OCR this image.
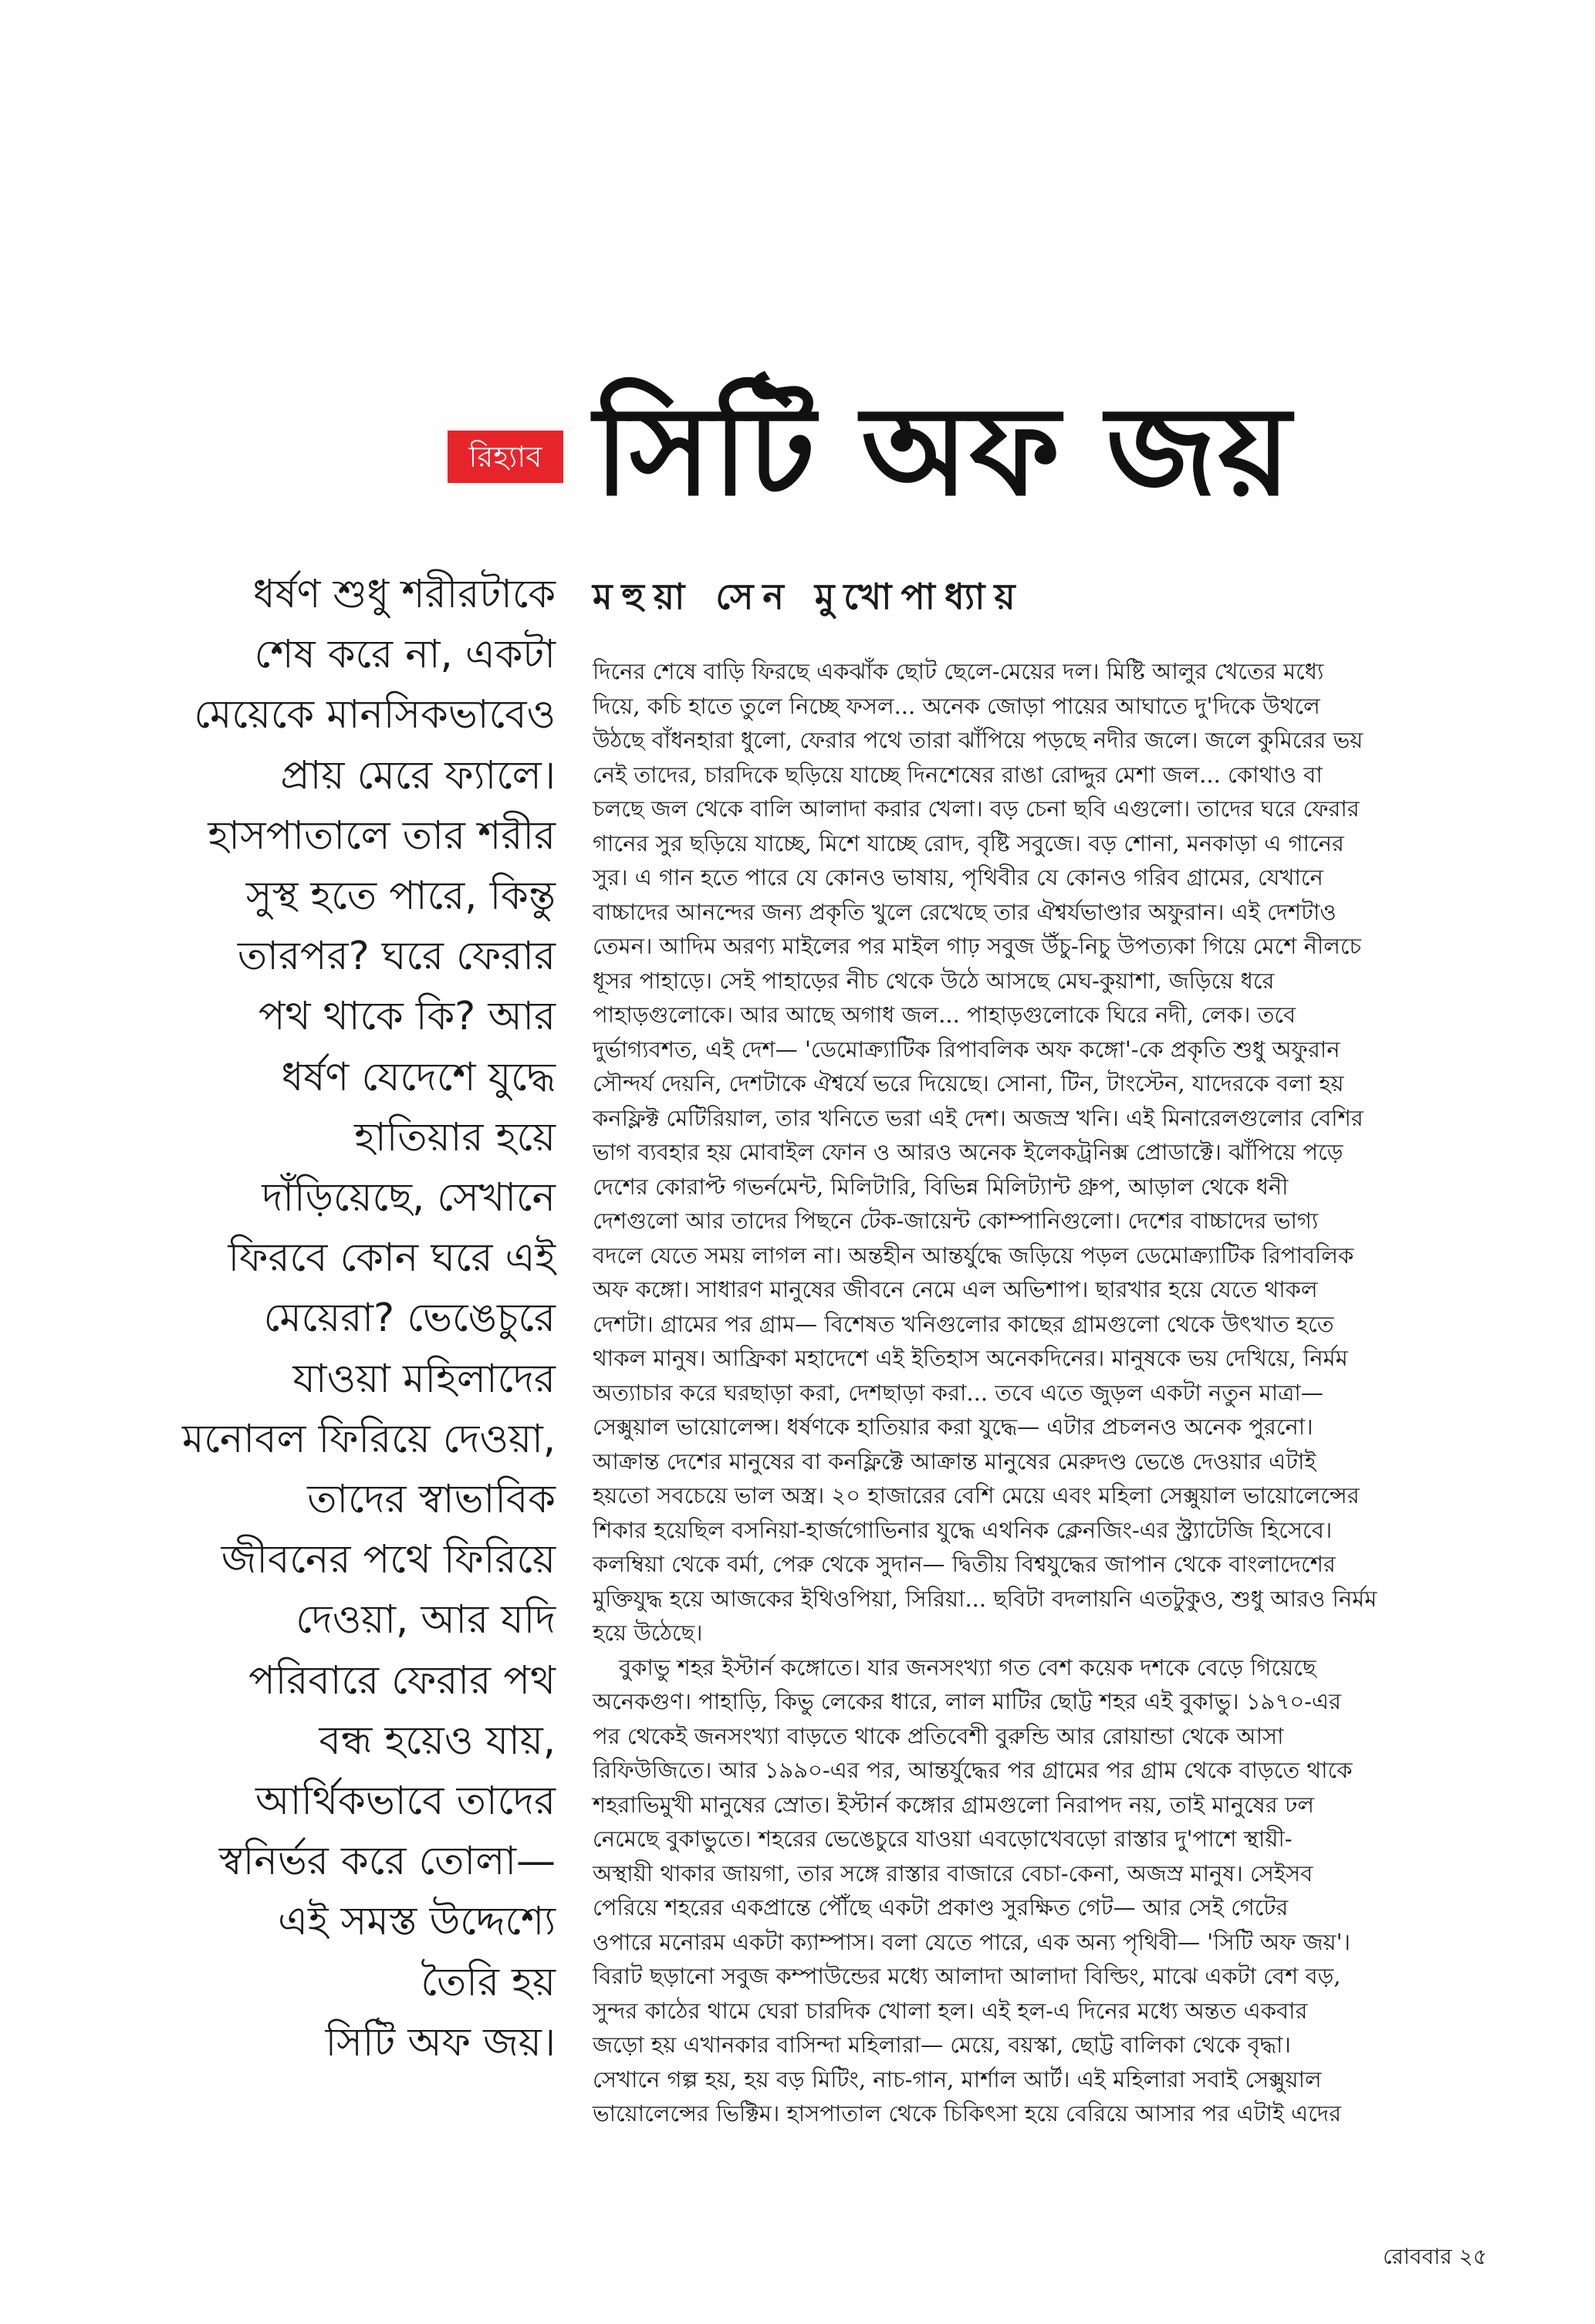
রিহ্যাব সিটি অফ জয়
ধর্ষণ শুধু শরীরটাকে
শেষ করে না, একটা
মেয়েকে মানসিকভাবেও
প্রায় মেরে ফ্যালে।
হাসপাতালে তার শরীর
সুস্থ হতে পারে, কিন্তু
তারপর? ঘরে ফেরার
পথ থাকে কি? আর
ধর্ষণ যেদেশে যুদ্ধে
হাতিয়ার হয়ে
দাঁড়িয়েছে, সেখানে
ফিরবে কোন ঘরে এই
মেয়েরা? ভেঙেচুরে
যাওয়া মহিলাদের
মনোবল ফিরিয়ে দেওয়া,
তাদের স্বাভাবিক
জীবনের পথে ফিরিয়ে
দেওয়া, আর যদি
পরিবারে ফেরার পথ
বন্ধ হয়েও যায়,
আর্থিকভাবে তাদের
স্বনির্ভর করে তোলা—
এই সমস্ত উদ্দেশ্যে
তৈরি হয়
সিটি অফ জয়।
মহুয়া সেন মুখোপাধ্যায়
দিনের শেষে বাড়ি ফিরছে একঝাঁক ছোট ছেলে-মেয়ের দল। মিষ্টি আলুর খেতের মধ্যে
দিয়ে, কচি হাতে তুলে নিচ্ছে ফসল... অনেক জোড়া পায়ের আঘাতে দু'দিকে উথলে
উঠছে বাঁধনহারা ধুলো, ফেরার পথে তারা ঝাঁপিয়ে পড়ছে নদীর জলে। জলে কুমিরের ভয়
নেই তাদের, চারদিকে ছড়িয়ে যাচ্ছে দিনশেষের রাঙা রোদ্দুর মেশা জল... কোথাও বা
চলছে জল থেকে বালি আলাদা করার খেলা। বড় চেনা ছবি এগুলো। তাদের ঘরে ফেরার
গানের সুর ছড়িয়ে যাচ্ছে, মিশে যাচ্ছে রোদ, বৃষ্টি সবুজে। বড় শোনা, মনকাড়া এ গানের
সুর। এ গান হতে পারে যে কোনও ভাষায়, পৃথিবীর যে কোনও গরিব গ্রামের, যেখানে
বাচ্চাদের আনন্দের জন্য প্রকৃতি খুলে রেখেছে তার ঐশ্বর্যভাণ্ডার অফুরান। এই দেশটাও
তেমন। আদিম অরণ্য মাইলের পর মাইল গাঢ় সবুজ উঁচু-নিচু উপত্যকা গিয়ে মেশে নীলচে
ধূসর পাহাড়ে। সেই পাহাড়ের নীচ থেকে উঠে আসছে মেঘ-কুয়াশা, জড়িয়ে ধরে
পাহাড়গুলোকে। আর আছে অগাধ জল... পাহাড়গুলোকে ঘিরে নদী, লেক। তবে
দুর্ভাগ্যবশত, এই দেশ— 'ডেমোক্র্যাটিক রিপাবলিক অফ কঙ্গো'-কে প্রকৃতি শুধু অফুরান
সৌন্দর্য দেয়নি, দেশটাকে ঐশ্বর্যে ভরে দিয়েছে। সোনা, টিন, টাংস্টেন, যাদেরকে বলা হয়
কনফ্লিক্ট মেটিরিয়াল, তার খনিতে ভরা এই দেশ। অজস্র খনি। এই মিনারেলগুলোর বেশির
ভাগ ব্যবহার হয় মোবাইল ফোন ও আরও অনেক ইলেকট্রনিক্স প্রোডাক্টে। ঝাঁপিয়ে পড়ে
দেশের কোরাপ্ট গভর্নমেন্ট, মিলিটারি, বিভিন্ন মিলিট্যান্ট গ্রুপ, আড়াল থেকে ধনী
দেশগুলো আর তাদের পিছনে টেক-জায়েন্ট কোম্পানিগুলো। দেশের বাচ্চাদের ভাগ্য
বদলে যেতে সময় লাগল না। অন্তহীন আন্তর্যুদ্ধে জড়িয়ে পড়ল ডেমোক্র্যাটিক রিপাবলিক
অফ কঙ্গো। সাধারণ মানুষের জীবনে নেমে এল অভিশাপ। ছারখার হয়ে যেতে থাকল
দেশটা। গ্রামের পর গ্রাম— বিশেষত খনিগুলোর কাছের গ্রামগুলো থেকে উৎখাত হতে
থাকল মানুষ। আফ্রিকা মহাদেশে এই ইতিহাস অনেকদিনের। মানুষকে ভয় দেখিয়ে, নির্মম
অত্যাচার করে ঘরছাড়া করা, দেশছাড়া করা... তবে এতে জুড়ল একটা নতুন মাত্রা—
সেক্সুয়াল ভায়োলেন্স। ধর্ষণকে হাতিয়ার করা যুদ্ধে— এটার প্রচলনও অনেক পুরনো।
আক্রান্ত দেশের মানুষের বা কনফ্লিক্টে আক্রান্ত মানুষের মেরুদণ্ড ভেঙে দেওয়ার এটাই
হয়তো সবচেয়ে ভাল অস্ত্র। ২০ হাজারের বেশি মেয়ে এবং মহিলা সেক্সুয়াল ভায়োলেন্সের
শিকার হয়েছিল বসনিয়া-হার্জগোভিনার যুদ্ধে এথনিক ক্লেনজিং-এর স্ট্র্যাটেজি হিসেবে।
কলম্বিয়া থেকে বর্মা, পেরু থেকে সুদান— দ্বিতীয় বিশ্বযুদ্ধের জাপান থেকে বাংলাদেশের
মুক্তিযুদ্ধ হয়ে আজকের ইথিওপিয়া, সিরিয়া... ছবিটা বদলায়নি এতটুকুও, শুধু আরও নির্মম
হয়ে উঠেছে।
বুকাভু শহর ইস্টার্ন কঙ্গোতে। যার জনসংখ্যা গত বেশ কয়েক দশকে বেড়ে গিয়েছে
অনেকগুণ। পাহাড়ি, কিভু লেকের ধারে, লাল মাটির ছোট্ট শহর এই বুকাভু। ১৯৭০-এর
পর থেকেই জনসংখ্যা বাড়তে থাকে প্রতিবেশী বুরুন্ডি আর রোয়ান্ডা থেকে আসা
রিফিউজিতে। আর ১৯৯০-এর পর, আন্তর্যুদ্ধের পর গ্রামের পর গ্রাম থেকে বাড়তে থাকে
শহরাভিমুখী মানুষের স্রোত। ইস্টার্ন কঙ্গোর গ্রামগুলো নিরাপদ নয়, তাই মানুষের ঢল
নেমেছে বুকাভুতে। শহরের ভেঙেচুরে যাওয়া এবড়োখেবড়ো রাস্তার দু'পাশে স্থায়ী-
অস্থায়ী থাকার জায়গা, তার সঙ্গে রাস্তার বাজারে বেচা-কেনা, অজস্র মানুষ। সেইসব
পেরিয়ে শহরের একপ্রান্তে পৌঁছে একটা প্রকাণ্ড সুরক্ষিত গেট— আর সেই গেটের
ওপারে মনোরম একটা ক্যাম্পাস। বলা যেতে পারে, এক অন্য পৃথিবী— 'সিটি অফ জয়'।
বিরাট ছড়ানো সবুজ কম্পাউন্ডের মধ্যে আলাদা আলাদা বিল্ডিং, মাঝে একটা বেশ বড়,
সুন্দর কাঠের থামে ঘেরা চারদিক খোলা হল। এই হল-এ দিনের মধ্যে অন্তত একবার
জড়ো হয় এখানকার বাসিন্দা মহিলারা— মেয়ে, বয়স্কা, ছোট্ট বালিকা থেকে বৃদ্ধা।
সেখানে গল্প হয়, হয় বড় মিটিং, নাচ-গান, মার্শাল আর্ট। এই মহিলারা সবাই সেক্সুয়াল
ভায়োলেন্সের ভিক্টিম। হাসপাতাল থেকে চিকিৎসা হয়ে বেরিয়ে আসার পর এটাই এদের
রোববার ২৫
